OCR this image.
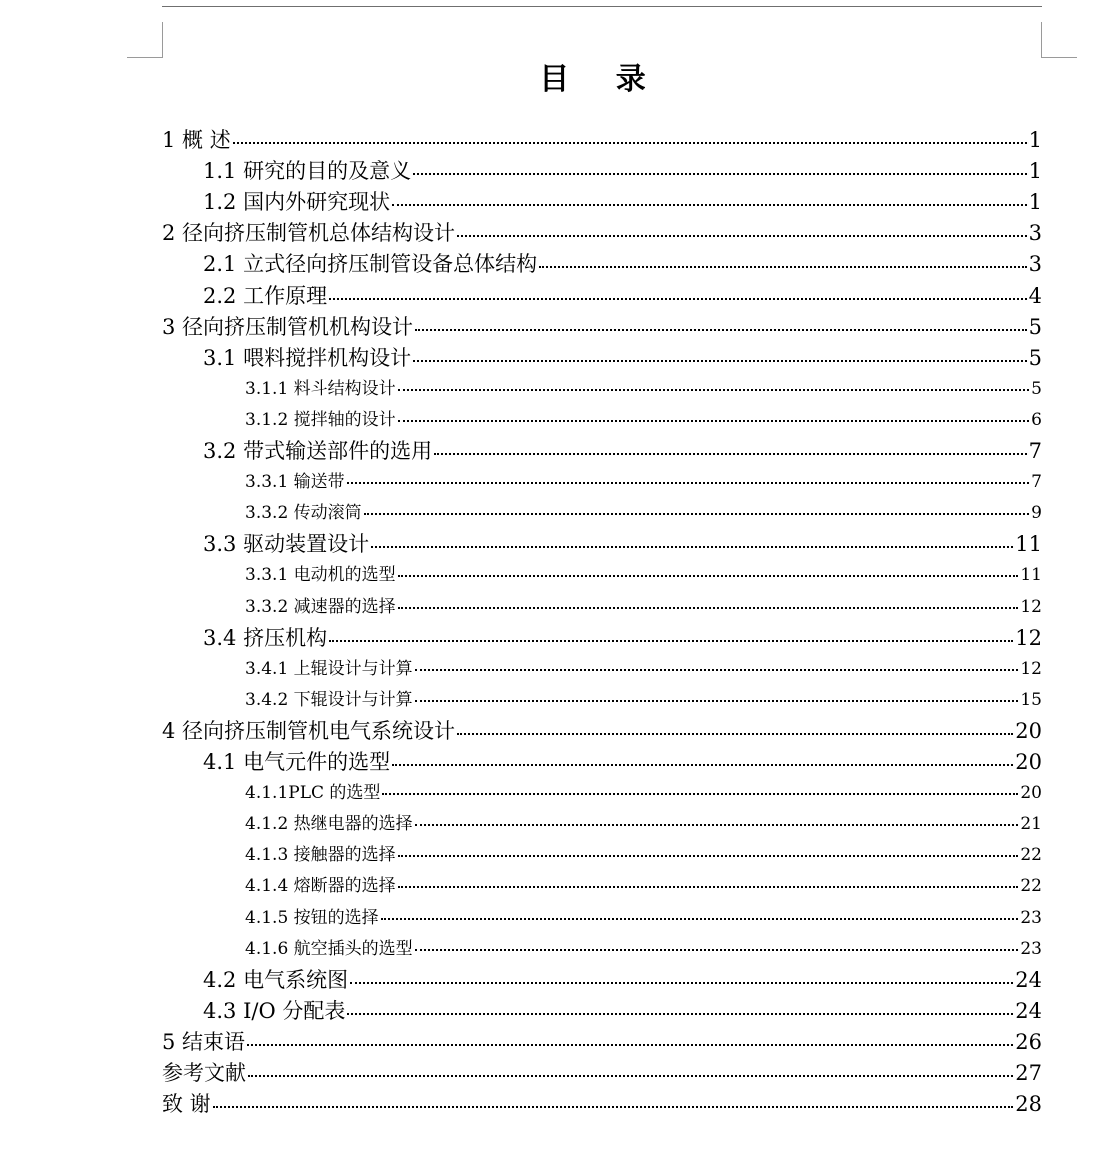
目 录
1 概 述	1
1.1 研究的目的及意义	1
1.2 国内外研究现状	1
2 径向挤压制管机总体结构设计	3
2.1 立式径向挤压制管设备总体结构	3
2.2 工作原理	4
3 径向挤压制管机机构设计	5
3.1 喂料搅拌机构设计	5
3.1.1 料斗结构设计	5
3.1.2 搅拌轴的设计	6
3.2 带式输送部件的选用	7
3.3.1 输送带	7
3.3.2 传动滚筒	9
3.3 驱动装置设计	11
3.3.1 电动机的选型	11
3.3.2 减速器的选择	12
3.4 挤压机构	12
3.4.1 上辊设计与计算	12
3.4.2 下辊设计与计算	15
4 径向挤压制管机电气系统设计	20
4.1 电气元件的选型	20
4.1.1PLC 的选型	20
4.1.2 热继电器的选择	21
4.1.3 接触器的选择	22
4.1.4 熔断器的选择	22
4.1.5 按钮的选择	23
4.1.6 航空插头的选型	23
4.2 电气系统图	24
4.3 I/O 分配表	24
5 结束语	26
参考文献	27
致 谢	28
